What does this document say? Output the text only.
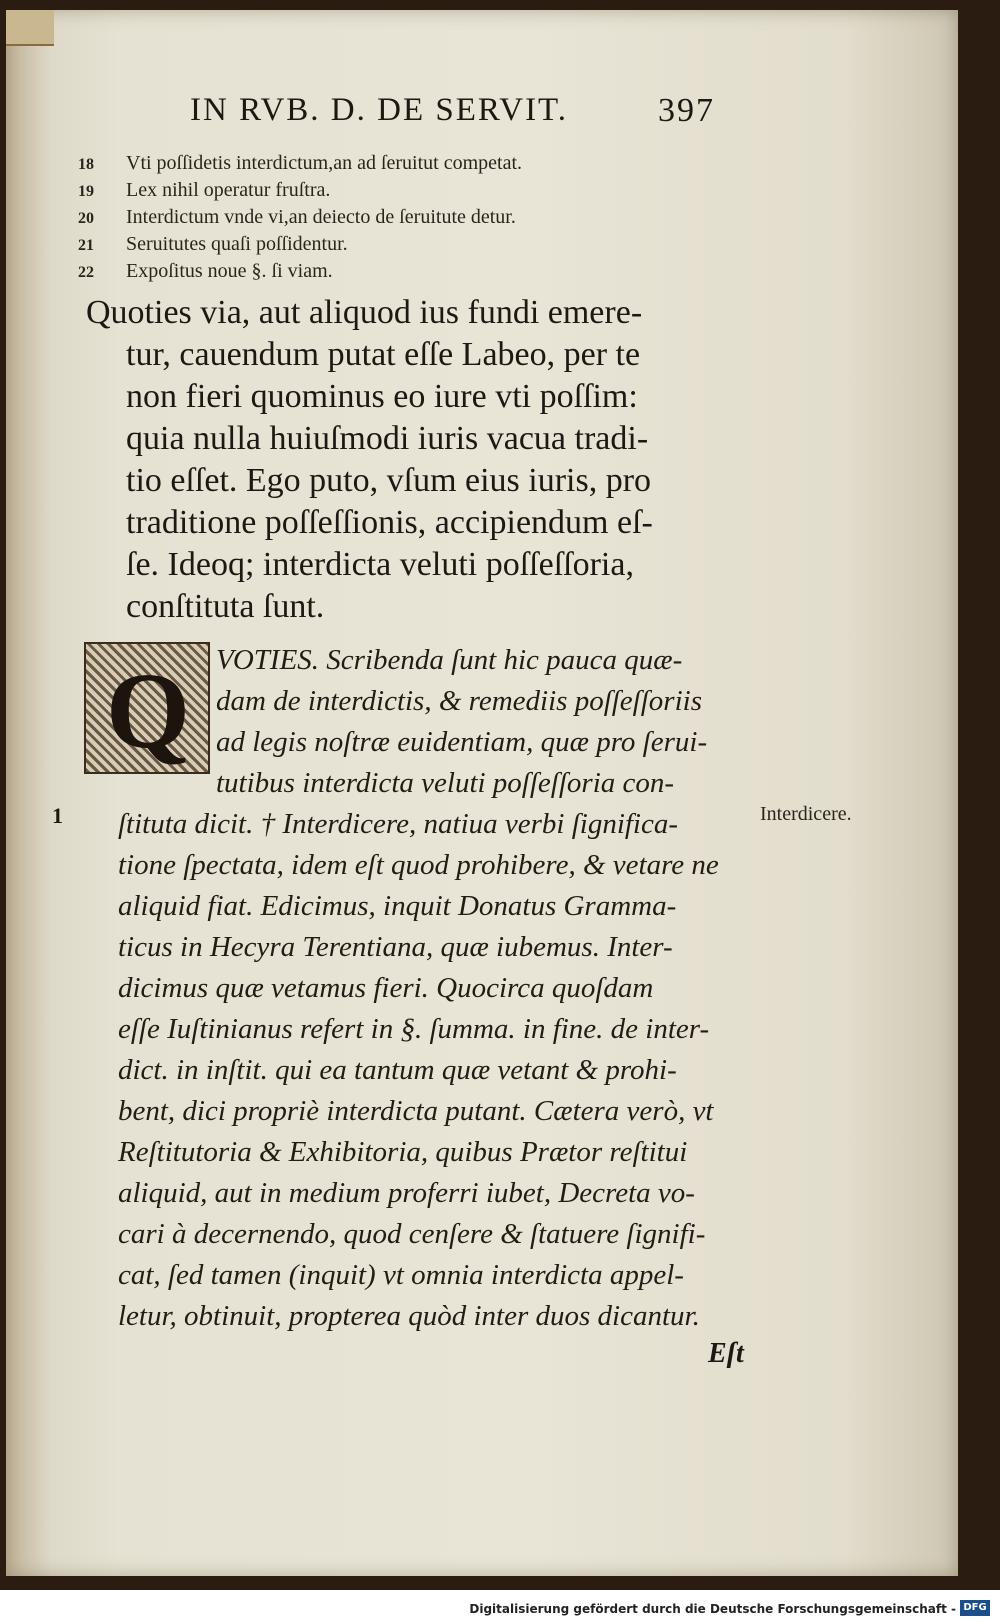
IN RVB. D. DE SERVIT.	397
18 Vti poſſidetis interdictum,an ad ſeruitut competat.
19 Lex nihil operatur fruſtra.
20 Interdictum vnde vi,an deiecto de ſeruitute detur.
21 Seruitutes quaſi poſſidentur.
22 Expoſitus noue §. ſi viam.
Quoties via, aut aliquod ius fundi emere-
tur, cauendum putat eſſe Labeo, per te
non fieri quominus eo iure vti poſſim:
quia nulla huiuſmodi iuris vacua tradi-
tio eſſet. Ego puto, vſum eius iuris, pro
traditione poſſeſſionis, accipiendum eſ-
ſe. Ideoq; interdicta veluti poſſeſſoria,
conſtituta ſunt.
Q VOTIES. Scribenda ſunt hic pauca quæ-
dam de interdictis, & remediis poſſeſſoriis
ad legis noſtræ euidentiam, quæ pro ſerui-
tutibus interdicta veluti poſſeſſoria con-
ſtituta dicit. † Interdicere, natiua verbi ſignifica-
tione ſpectata, idem eſt quod prohibere, & vetare ne
aliquid fiat. Edicimus, inquit Donatus Gramma-
ticus in Hecyra Terentiana, quæ iubemus. Inter-
dicimus quæ vetamus fieri. Quocirca quoſdam
eſſe Iuſtinianus refert in §. ſumma. in fine. de inter-
dict. in inſtit. qui ea tantum quæ vetant & prohi-
bent, dici propriè interdicta putant. Cætera verò, vt
Reſtitutoria & Exhibitoria, quibus Prætor reſtitui
aliquid, aut in medium proferri iubet, Decreta vo-
cari à decernendo, quod cenſere & ſtatuere ſignifi-
cat, ſed tamen (inquit) vt omnia interdicta appel-
letur, obtinuit, propterea quòd inter duos dicantur.
1	Interdicere.
Eſt
Digitalisierung gefördert durch die Deutsche Forschungsgemeinschaft - DFG
